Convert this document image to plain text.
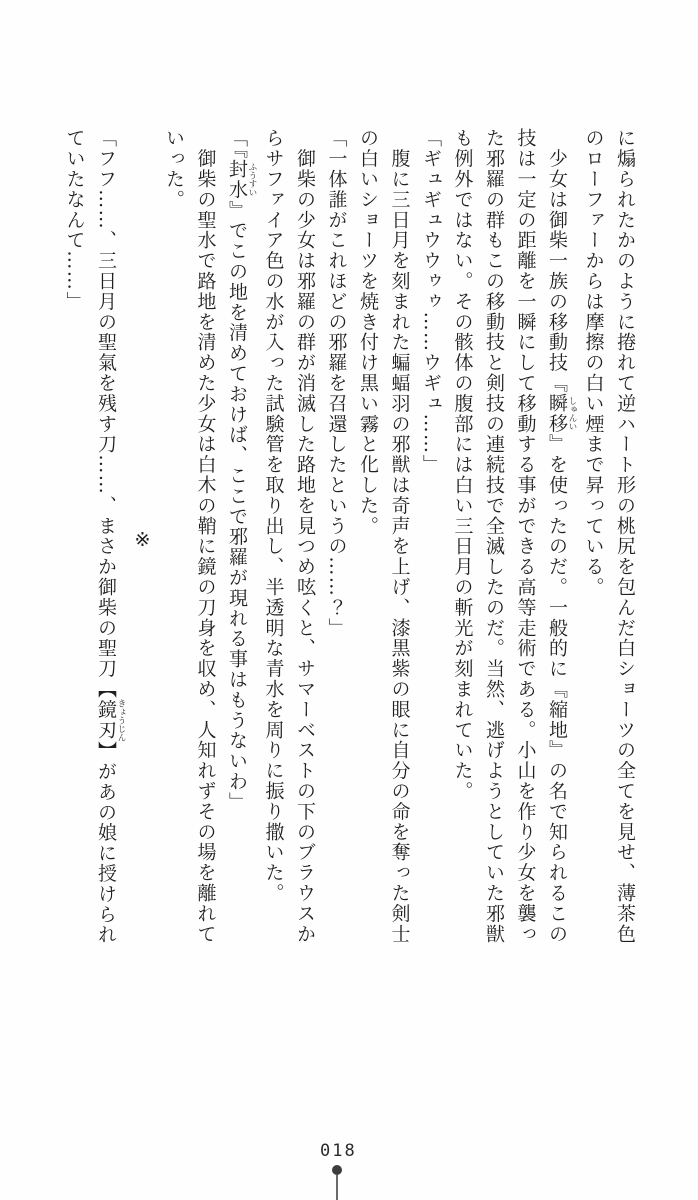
に煽られたかのように捲れて逆ハート形の桃尻を包んだ白ショーツの全てを見せ、薄茶色のローファーからは摩擦の白い煙まで昇っている。

　少女は御柴一族の移動技『瞬移 しゅんい』を使ったのだ。一般的に『縮地』の名で知られるこの技は一定の距離を一瞬にして移動する事ができる高等走術である。小山を作り少女を襲った邪羅の群もこの移動技と剣技の連続技で全滅したのだ。当然、逃げようとしていた邪獣も例外ではない。その骸体の腹部には白い三日月の斬光が刻まれていた。

「ギュギュウウゥゥ……ウギュ……」

　腹に三日月を刻まれた蝙蝠羽の邪獣は奇声を上げ、漆黒紫の眼に自分の命を奪った剣士の白いショーツを焼き付け黒い霧と化した。

「一体誰がこれほどの邪羅を召還したというの……？」

　御柴の少女は邪羅の群が消滅した路地を見つめ呟くと、サマーベストの下のブラウスからサファイア色の水が入った試験管を取り出し、半透明な青水を周りに振り撒いた。

「『封水 ふうすい』でこの地を清めておけば、ここで邪羅が現れる事はもうないわ」

　御柴の聖水で路地を清めた少女は白木の鞘に鏡の刀身を収め、人知れずその場を離れていった。

※

「フフ……、三日月の聖氣を残す刀……、まさか御柴の聖刀【鏡刃 きょうじん】があの娘に授けられていたなんて……」

018
